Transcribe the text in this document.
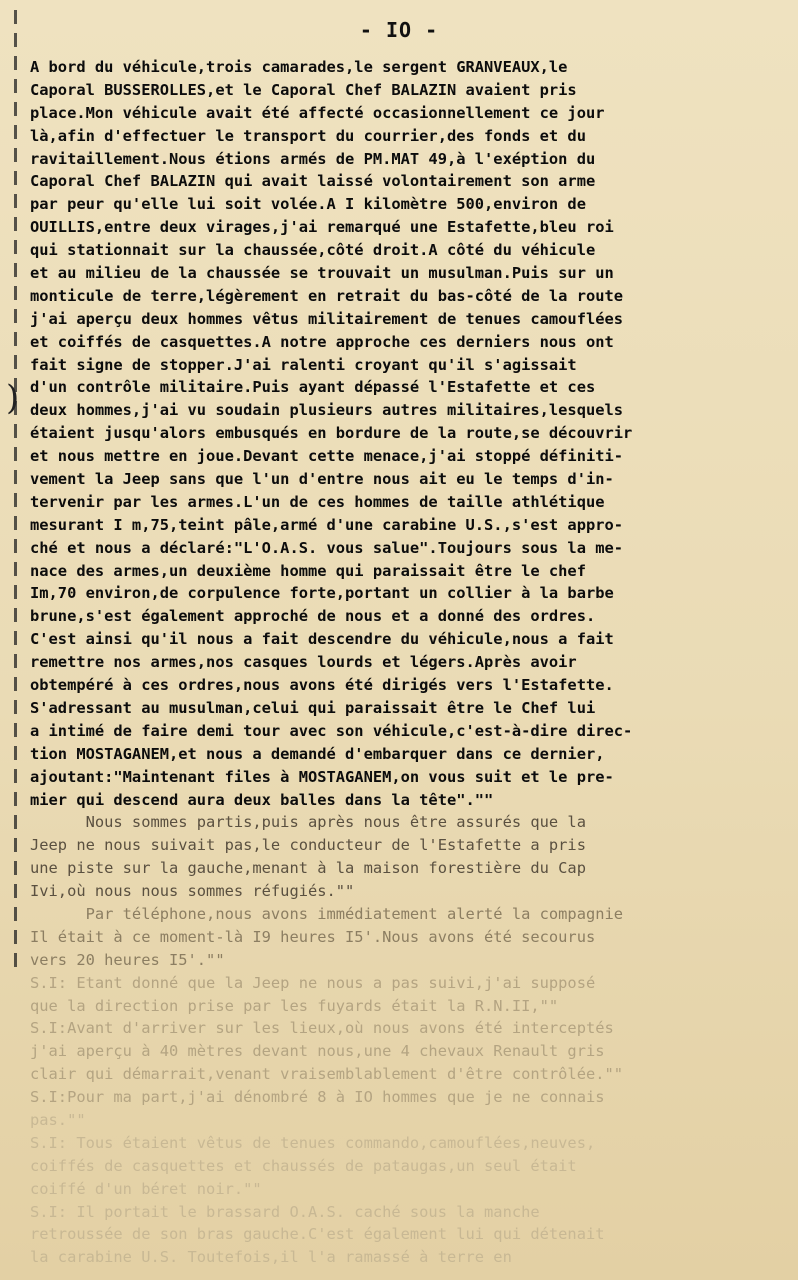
)
- IO -
A bord du véhicule,trois camarades,le sergent GRANVEAUX,le
Caporal BUSSEROLLES,et le Caporal Chef BALAZIN avaient pris
place.Mon véhicule avait été affecté occasionnellement ce jour
là,afin d'effectuer le transport du courrier,des fonds et du
ravitaillement.Nous étions armés de PM.MAT 49,à l'exéption du
Caporal Chef BALAZIN qui avait laissé volontairement son arme
par peur qu'elle lui soit volée.A I kilomètre 500,environ de
OUILLIS,entre deux virages,j'ai remarqué une Estafette,bleu roi
qui stationnait sur la chaussée,côté droit.A côté du véhicule
et au milieu de la chaussée se trouvait un musulman.Puis sur un
monticule de terre,légèrement en retrait du bas-côté de la route
j'ai aperçu deux hommes vêtus militairement de tenues camouflées
et coiffés de casquettes.A notre approche ces derniers nous ont
fait signe de stopper.J'ai ralenti croyant qu'il s'agissait
d'un contrôle militaire.Puis ayant dépassé l'Estafette et ces
deux hommes,j'ai vu soudain plusieurs autres militaires,lesquels
étaient jusqu'alors embusqués en bordure de la route,se découvrir
et nous mettre en joue.Devant cette menace,j'ai stoppé définiti-
vement la Jeep sans que l'un d'entre nous ait eu le temps d'in-
tervenir par les armes.L'un de ces hommes de taille athlétique
mesurant I m,75,teint pâle,armé d'une carabine U.S.,s'est appro-
ché et nous a déclaré:"L'O.A.S. vous salue".Toujours sous la me-
nace des armes,un deuxième homme qui paraissait être le chef
Im,70 environ,de corpulence forte,portant un collier à la barbe
brune,s'est également approché de nous et a donné des ordres.
C'est ainsi qu'il nous a fait descendre du véhicule,nous a fait
remettre nos armes,nos casques lourds et légers.Après avoir
obtempéré à ces ordres,nous avons été dirigés vers l'Estafette.
S'adressant au musulman,celui qui paraissait être le Chef lui
a intimé de faire demi tour avec son véhicule,c'est-à-dire direc-
tion MOSTAGANEM,et nous a demandé d'embarquer dans ce dernier,
ajoutant:"Maintenant files à MOSTAGANEM,on vous suit et le pre-
mier qui descend aura deux balles dans la tête".""
Nous sommes partis,puis après nous être assurés que la
Jeep ne nous suivait pas,le conducteur de l'Estafette a pris
une piste sur la gauche,menant à la maison forestière du Cap
Ivi,où nous nous sommes réfugiés.""
Par téléphone,nous avons immédiatement alerté la compagnie
Il était à ce moment-là I9 heures I5'.Nous avons été secourus
vers 20 heures I5'.""
S.I: Etant donné que la Jeep ne nous a pas suivi,j'ai supposé
que la direction prise par les fuyards était la R.N.II,""
S.I:Avant d'arriver sur les lieux,où nous avons été interceptés
j'ai aperçu à 40 mètres devant nous,une 4 chevaux Renault gris
clair qui démarrait,venant vraisemblablement d'être contrôlée.""
S.I:Pour ma part,j'ai dénombré 8 à IO hommes que je ne connais
pas.""
S.I: Tous étaient vêtus de tenues commando,camouflées,neuves,
coiffés de casquettes et chaussés de pataugas,un seul était
coiffé d'un béret noir.""
S.I: Il portait le brassard O.A.S. caché sous la manche
retroussée de son bras gauche.C'est également lui qui détenait
la carabine U.S. Toutefois,il l'a ramassé à terre en
